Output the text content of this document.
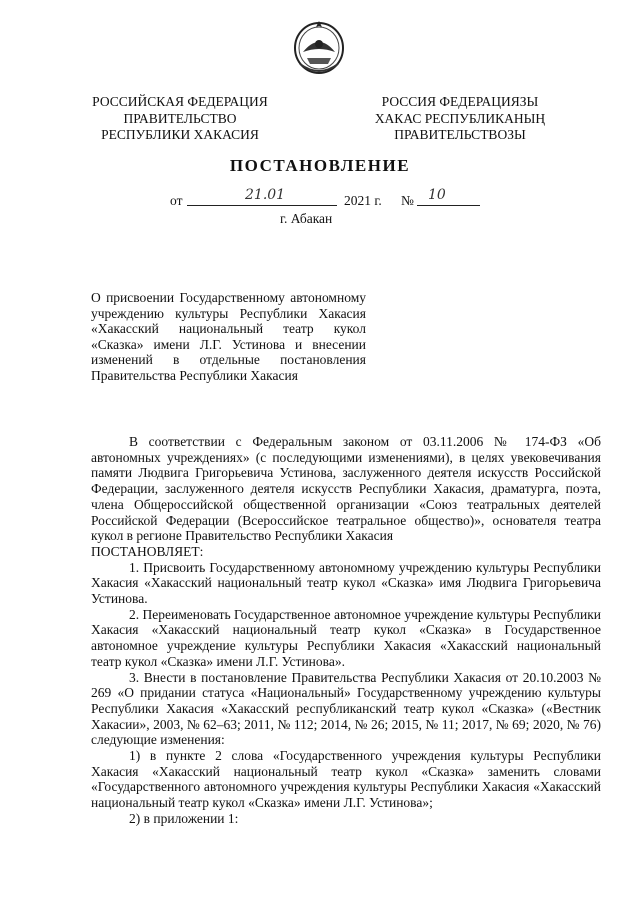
РОССИЙСКАЯ ФЕДЕРАЦИЯ
ПРАВИТЕЛЬСТВО
РЕСПУБЛИКИ ХАКАСИЯ
РОССИЯ ФЕДЕРАЦИЯЗЫ
ХАКАС РЕСПУБЛИКАНЫҢ
ПРАВИТЕЛЬСТВОЗЫ
ПОСТАНОВЛЕНИЕ
от	21.01	2021 г. № 10
г. Абакан
О присвоении Государственному автономному учреждению культуры Республики Хакасия «Хакасский национальный театр кукол «Сказка» имени Л.Г. Устинова и внесении изменений в отдельные постановления Правительства Республики Хакасия

В соответствии с Федеральным законом от 03.11.2006 № 174-ФЗ «Об автономных учреждениях» (с последующими изменениями), в целях увековечивания памяти Людвига Григорьевича Устинова, заслуженного деятеля искусств Российской Федерации, заслуженного деятеля искусств Республики Хакасия, драматурга, поэта, члена Общероссийской общественной организации «Союз театральных деятелей Российской Федерации (Всероссийское театральное общество)», основателя театра кукол в регионе Правительство Республики Хакасия

ПОСТАНОВЛЯЕТ:

1. Присвоить Государственному автономному учреждению культуры Республики Хакасия «Хакасский национальный театр кукол «Сказка» имя Людвига Григорьевича Устинова.

2. Переименовать Государственное автономное учреждение культуры Республики Хакасия «Хакасский национальный театр кукол «Сказка» в Государственное автономное учреждение культуры Республики Хакасия «Хакасский национальный театр кукол «Сказка» имени Л.Г. Устинова».

3. Внести в постановление Правительства Республики Хакасия от 20.10.2003 № 269 «О придании статуса «Национальный» Государственному учреждению культуры Республики Хакасия «Хакасский республиканский театр кукол «Сказка» («Вестник Хакасии», 2003, № 62–63; 2011, № 112; 2014, № 26; 2015, № 11; 2017, № 69; 2020, № 76) следующие изменения:

1) в пункте 2 слова «Государственного учреждения культуры Республики Хакасия «Хакасский национальный театр кукол «Сказка» заменить словами «Государственного автономного учреждения культуры Республики Хакасия «Хакасский национальный театр кукол «Сказка» имени Л.Г. Устинова»;

2) в приложении 1:
